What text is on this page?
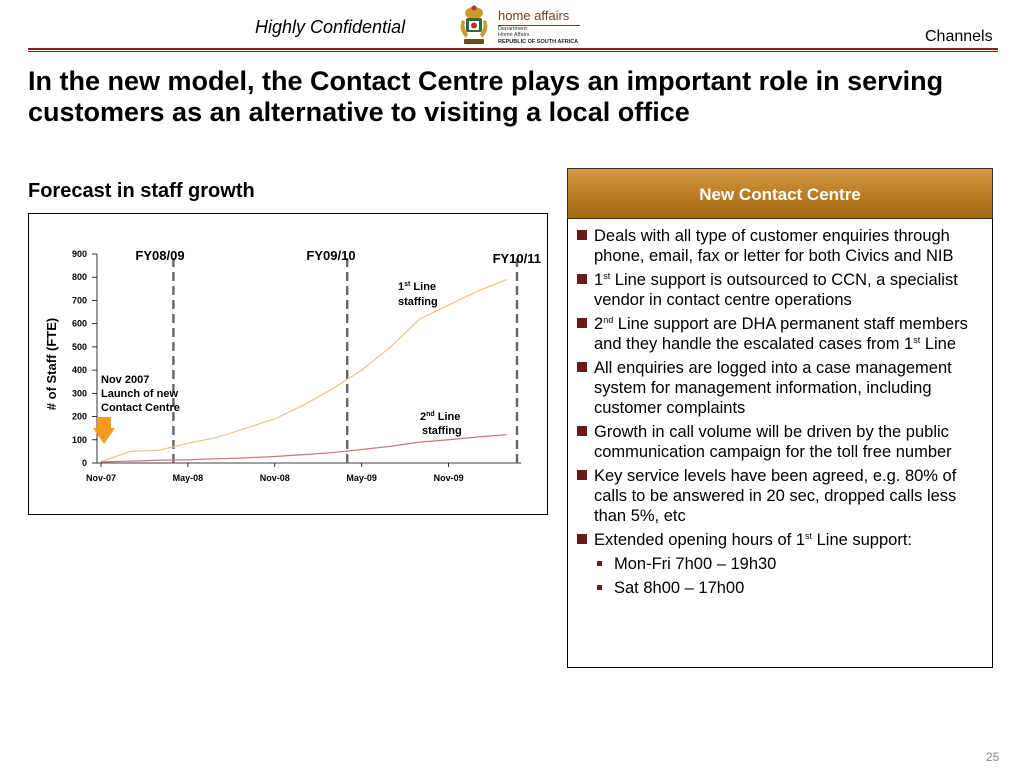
Highly Confidential
home affairs
Department:
Home Affairs
REPUBLIC OF SOUTH AFRICA	Channels
In the new model, the Contact Centre plays an important role in serving customers as an alternative to visiting a local office
Forecast in staff growth
0
100
200
300
400
500
600
700
800
900
Nov-07	May-08	Nov-08	May-09	Nov-09
FY08/09	FY09/10	FY10/11
# of Staff (FTE)
1st Line
staffing
2nd Line
staffing
Nov 2007
Launch of new
Contact Centre
New Contact Centre
Deals with all type of customer enquiries through phone, email, fax or letter for both Civics and NIB
1st Line support is outsourced to CCN, a specialist vendor in contact centre operations
2nd Line support are DHA permanent staff members and they handle the escalated cases from 1st Line
All enquiries are logged into a case management system for management information, including customer complaints
Growth in call volume will be driven by the public communication campaign for the toll free number
Key service levels have been agreed, e.g. 80% of calls to be answered in 20 sec, dropped calls less than 5%, etc
Extended opening hours of 1st Line support:
Mon-Fri 7h00 – 19h30
Sat 8h00 – 17h00
25
